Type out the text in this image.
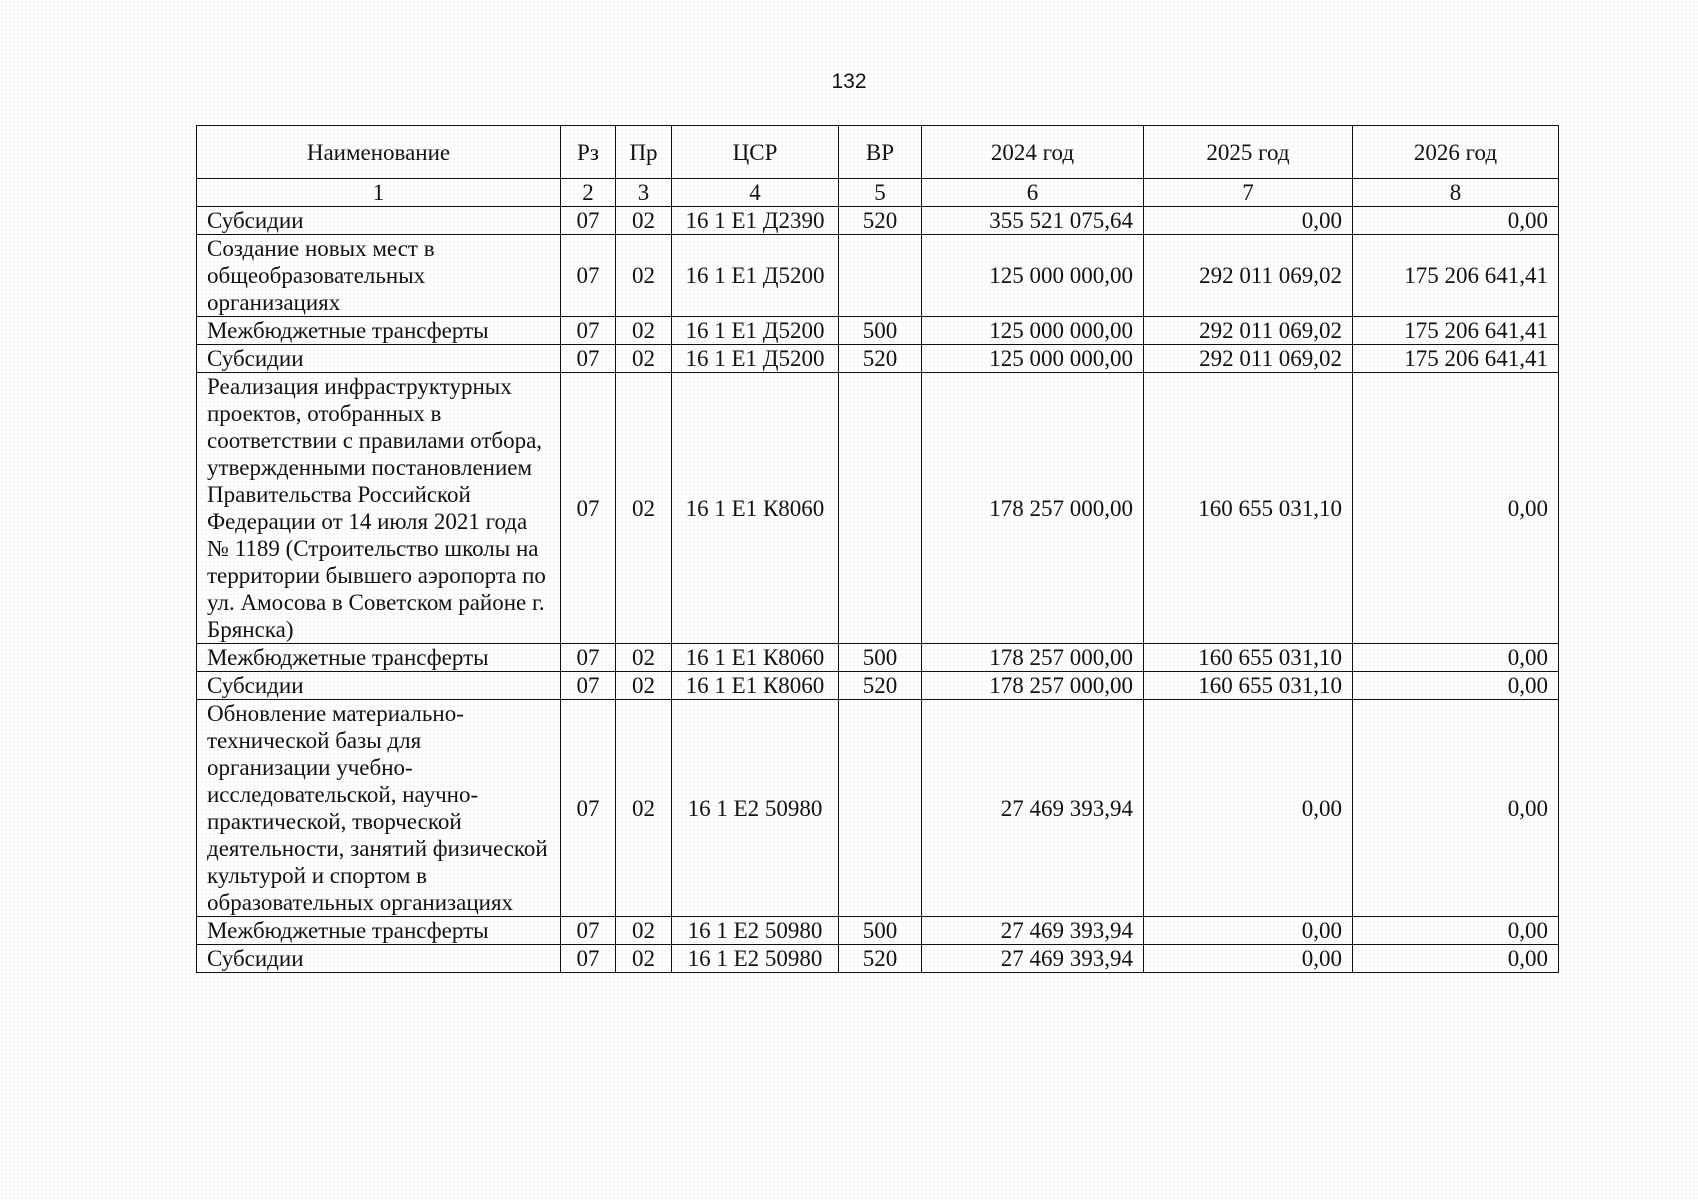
132
Наименование	Рз	Пр	ЦСР	ВР	2024 год	2025 год	2026 год
1	2	3	4	5	6	7	8
Субсидии	07	02	16 1 Е1 Д2390	520	355 521 075,64	0,00	0,00
Создание новых мест в общеобразовательных организациях	07	02	16 1 Е1 Д5200		125 000 000,00	292 011 069,02	175 206 641,41
Межбюджетные трансферты	07	02	16 1 Е1 Д5200	500	125 000 000,00	292 011 069,02	175 206 641,41
Субсидии	07	02	16 1 Е1 Д5200	520	125 000 000,00	292 011 069,02	175 206 641,41
Реализация инфраструктурных проектов, отобранных в соответствии с правилами отбора, утвержденными постановлением Правительства Российской Федерации от 14 июля 2021 года № 1189 (Строительство школы на территории бывшего аэропорта по ул. Амосова в Советском районе г. Брянска)	07	02	16 1 Е1 К8060		178 257 000,00	160 655 031,10	0,00
Межбюджетные трансферты	07	02	16 1 Е1 К8060	500	178 257 000,00	160 655 031,10	0,00
Субсидии	07	02	16 1 Е1 К8060	520	178 257 000,00	160 655 031,10	0,00
Обновление материально-технической базы для организации учебно-исследовательской, научно-практической, творческой деятельности, занятий физической культурой и спортом в образовательных организациях	07	02	16 1 Е2 50980		27 469 393,94	0,00	0,00
Межбюджетные трансферты	07	02	16 1 Е2 50980	500	27 469 393,94	0,00	0,00
Субсидии	07	02	16 1 Е2 50980	520	27 469 393,94	0,00	0,00
